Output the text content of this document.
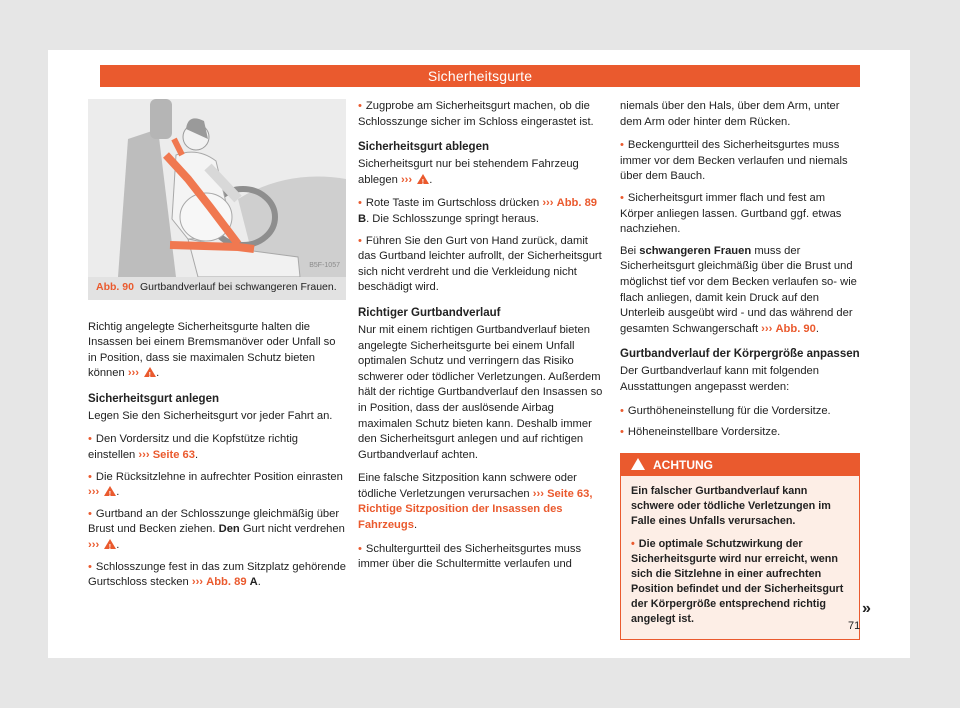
Sicherheitsgurte
B5F-1057
Abb. 90 Gurtbandverlauf bei schwangeren Frauen.

Richtig angelegte Sicherheitsgurte halten die Insassen bei einem Bremsmanöver oder Unfall so in Position, dass sie maximalen Schutz bieten können ››› ! .

Sicherheitsgurt anlegen

Legen Sie den Sicherheitsgurt vor jeder Fahrt an.

• Den Vordersitz und die Kopfstütze richtig einstellen ››› Seite 63.

• Die Rücksitzlehne in aufrechter Position einrasten ››› ! .

• Gurtband an der Schlosszunge gleichmäßig über Brust und Becken ziehen. Den Gurt nicht verdrehen ››› ! .

• Schlosszunge fest in das zum Sitzplatz gehörende Gurtschloss stecken ››› Abb. 89 A.

• Zugprobe am Sicherheitsgurt machen, ob die Schlosszunge sicher im Schloss eingerastet ist.

Sicherheitsgurt ablegen

Sicherheitsgurt nur bei stehendem Fahrzeug ablegen ››› ! .

• Rote Taste im Gurtschloss drücken ››› Abb. 89 B. Die Schlosszunge springt heraus.

• Führen Sie den Gurt von Hand zurück, damit das Gurtband leichter aufrollt, der Sicherheitsgurt sich nicht verdreht und die Verkleidung nicht beschädigt wird.

Richtiger Gurtbandverlauf

Nur mit einem richtigen Gurtbandverlauf bieten angelegte Sicherheitsgurte bei einem Unfall optimalen Schutz und verringern das Risiko schwerer oder tödlicher Verletzungen. Außerdem hält der richtige Gurtbandverlauf den Insassen so in Position, dass der auslösende Airbag maximalen Schutz bieten kann. Deshalb immer den Sicherheitsgurt anlegen und auf richtigen Gurtbandverlauf achten.

Eine falsche Sitzposition kann schwere oder tödliche Verletzungen verursachen ››› Seite 63, Richtige Sitzposition der Insassen des Fahrzeugs.

• Schultergurtteil des Sicherheitsgurtes muss immer über die Schultermitte verlaufen und

niemals über den Hals, über dem Arm, unter dem Arm oder hinter dem Rücken.

• Beckengurtteil des Sicherheitsgurtes muss immer vor dem Becken verlaufen und niemals über dem Bauch.

• Sicherheitsgurt immer flach und fest am Körper anliegen lassen. Gurtband ggf. etwas nachziehen.

Bei schwangeren Frauen muss der Sicherheitsgurt gleichmäßig über die Brust und möglichst tief vor dem Becken verlaufen so- wie flach anliegen, damit kein Druck auf den Unterleib ausgeübt wird - und das während der gesamten Schwangerschaft ››› Abb. 90.

Gurtbandverlauf der Körpergröße anpassen

Der Gurtbandverlauf kann mit folgenden Ausstattungen angepasst werden:

• Gurthöheneinstellung für die Vordersitze.

• Höheneinstellbare Vordersitze.

ACHTUNG

Ein falscher Gurtbandverlauf kann schwere oder tödliche Verletzungen im Falle eines Unfalls verursachen.

• Die optimale Schutzwirkung der Sicherheitsgurte wird nur erreicht, wenn sich die Sitzlehne in einer aufrechten Position befindet und der Sicherheitsgurt der Körpergröße entsprechend richtig angelegt ist.

»
71
